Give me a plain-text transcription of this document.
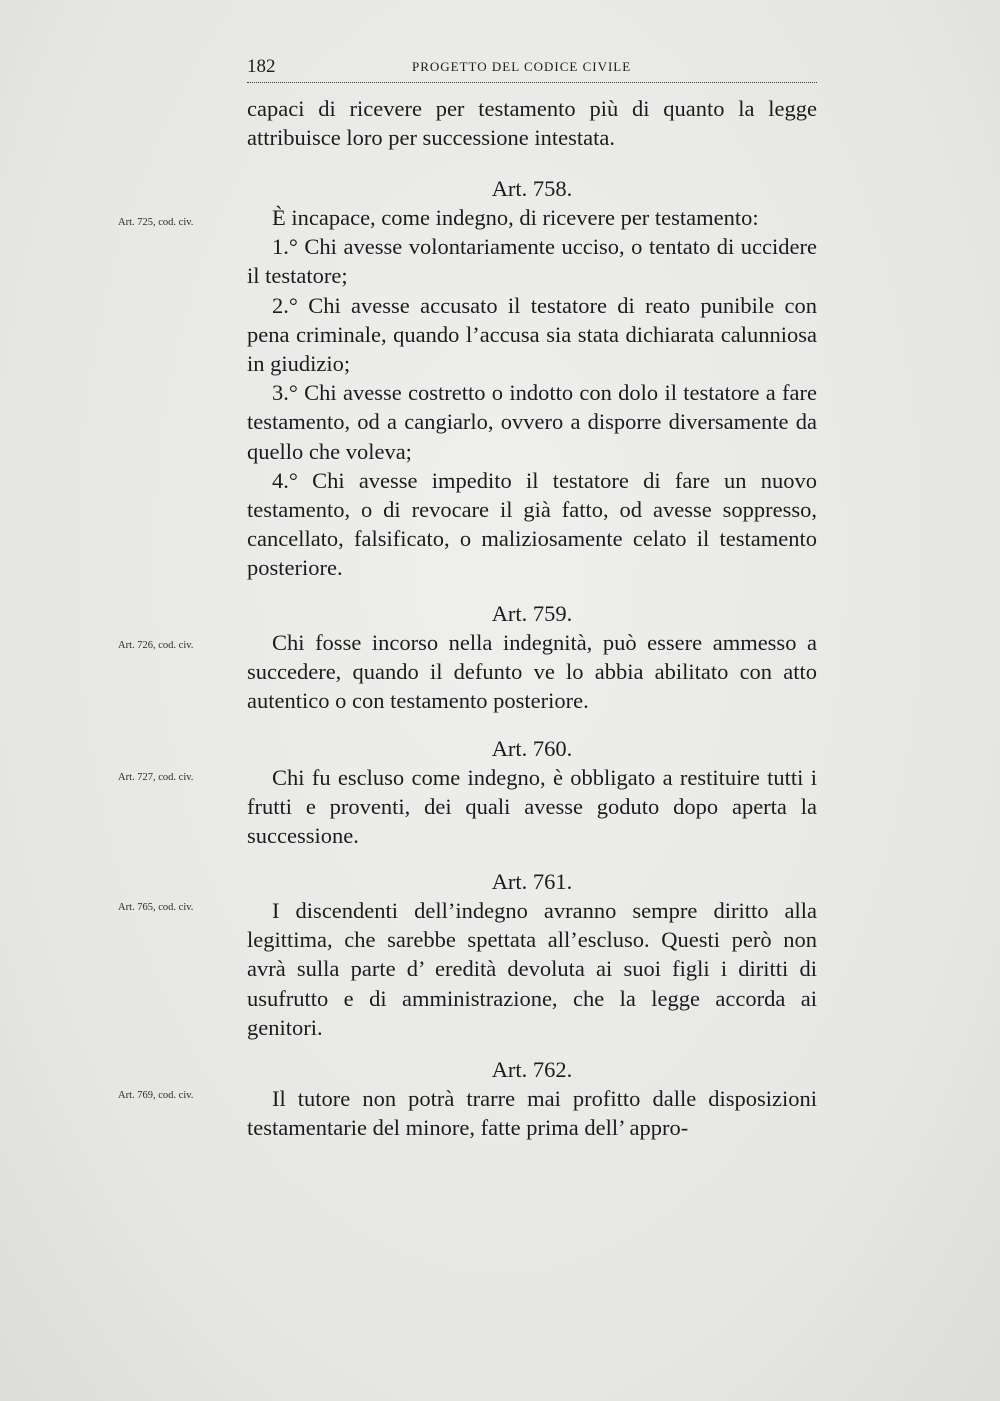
182	PROGETTO DEL CODICE CIVILE

capaci di ricevere per testamento più di quanto la legge attribuisce loro per successione intestata.

Art. 725, cod. civ.
Art. 758.

È incapace, come indegno, di ricevere per testamento:

1.° Chi avesse volontariamente ucciso, o tentato di uccidere il testatore;

2.° Chi avesse accusato il testatore di reato punibile con pena criminale, quando l’accusa sia stata dichiarata calunniosa in giudizio;

3.° Chi avesse costretto o indotto con dolo il testatore a fare testamento, od a cangiarlo, ovvero a disporre diversamente da quello che voleva;

4.° Chi avesse impedito il testatore di fare un nuovo testamento, o di revocare il già fatto, od avesse soppresso, cancellato, falsificato, o maliziosamente celato il testamento posteriore.

Art. 726, cod. civ.
Art. 759.

Chi fosse incorso nella indegnità, può essere ammesso a succedere, quando il defunto ve lo abbia abilitato con atto autentico o con testamento posteriore.

Art. 727, cod. civ.
Art. 760.

Chi fu escluso come indegno, è obbligato a restituire tutti i frutti e proventi, dei quali avesse goduto dopo aperta la successione.

Art. 765, cod. civ.
Art. 761.

I discendenti dell’indegno avranno sempre diritto alla legittima, che sarebbe spettata all’escluso. Questi però non avrà sulla parte d’ eredità devoluta ai suoi figli i diritti di usufrutto e di amministrazione, che la legge accorda ai genitori.

Art. 769, cod. civ.
Art. 762.

Il tutore non potrà trarre mai profitto dalle disposizioni testamentarie del minore, fatte prima dell’ appro-
